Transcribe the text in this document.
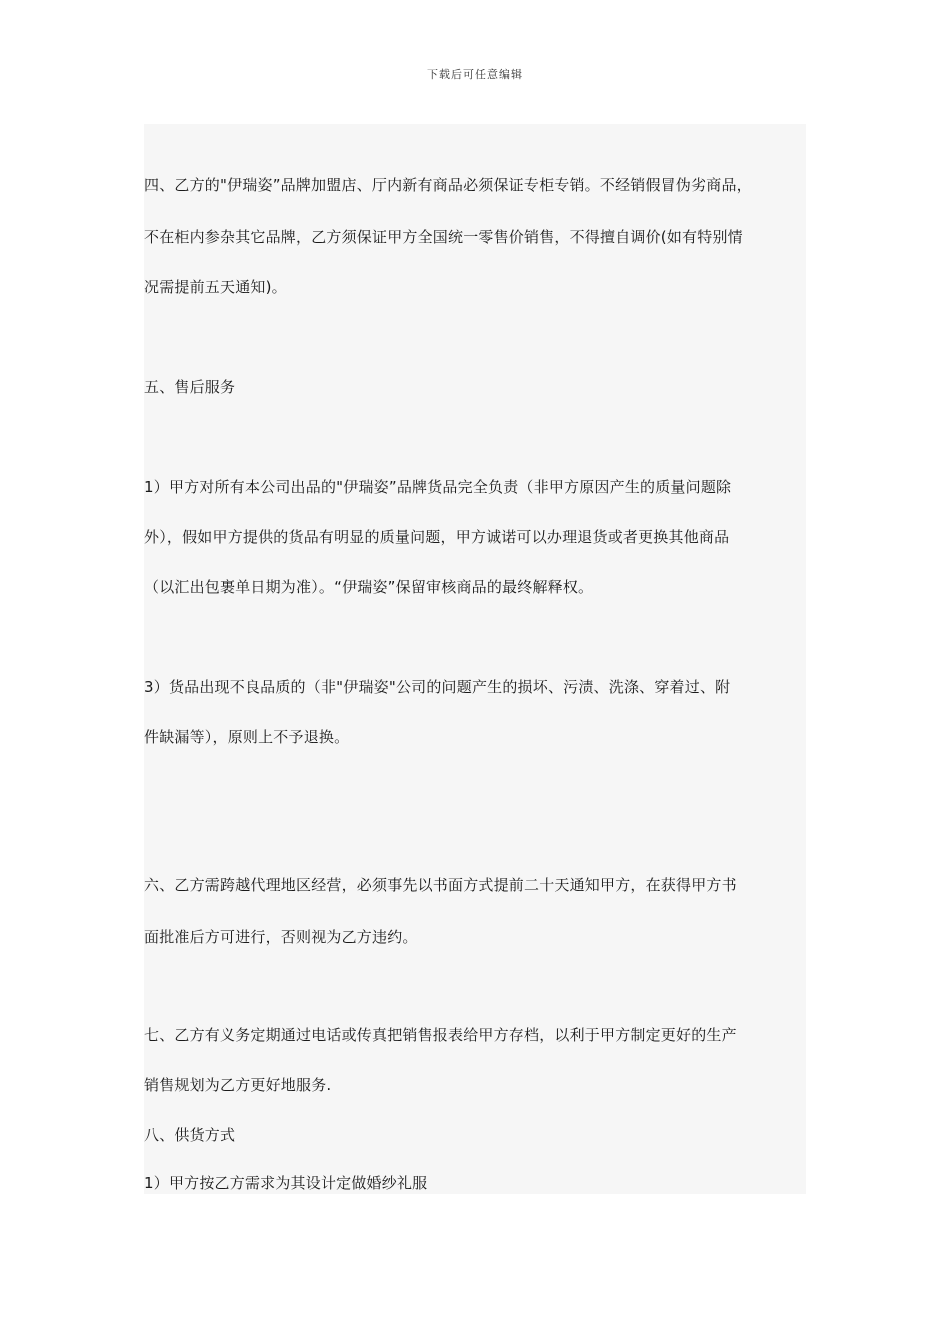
下载后可任意编辑
四、乙方的"伊瑞姿”品牌加盟店、厅内新有商品必须保证专柜专销。不经销假冒伪劣商品，
不在柜内参杂其它品牌，乙方须保证甲方全国统一零售价销售，不得擅自调价(如有特别情
况需提前五天通知)。
五、售后服务
1）甲方对所有本公司出品的"伊瑞姿”品牌货品完全负责（非甲方原因产生的质量问题除
外），假如甲方提供的货品有明显的质量问题，甲方诚诺可以办理退货或者更换其他商品
（以汇出包裹单日期为准）。“伊瑞姿”保留审核商品的最终解释权。
3）货品出现不良品质的（非"伊瑞姿"公司的问题产生的损坏、污渍、洗涤、穿着过、附
件缺漏等），原则上不予退换。
六、乙方需跨越代理地区经营，必须事先以书面方式提前二十天通知甲方，在获得甲方书
面批准后方可进行，否则视为乙方违约。
七、乙方有义务定期通过电话或传真把销售报表给甲方存档，以利于甲方制定更好的生产
销售规划为乙方更好地服务.
八、供货方式
1）甲方按乙方需求为其设计定做婚纱礼服
